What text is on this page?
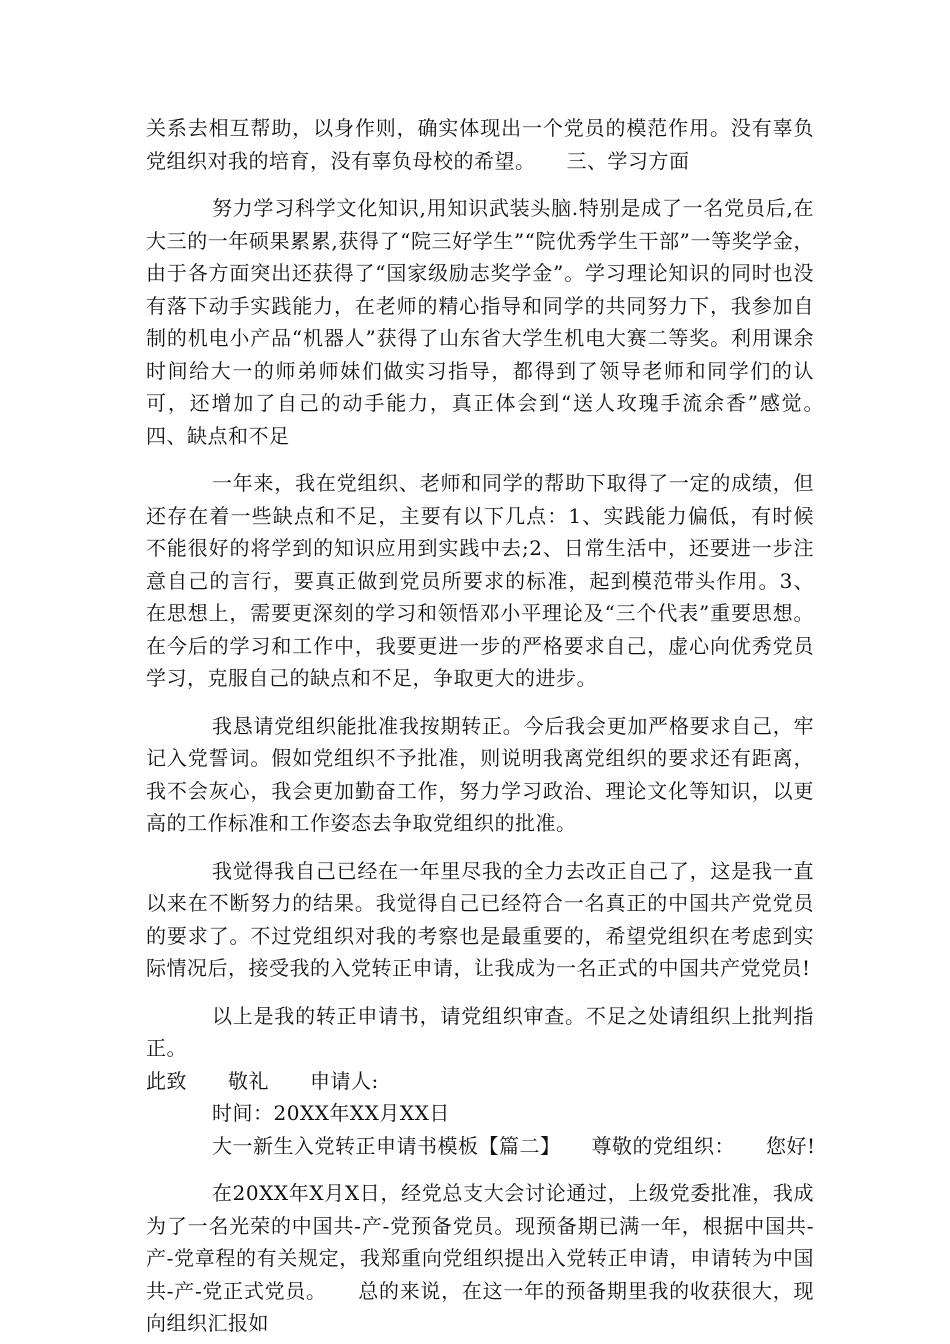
关系去相互帮助，以身作则，确实体现出一个党员的模范作用。没有辜负党组织对我的培育，没有辜负母校的希望。　　三、学习方面

努力学习科学文化知识,用知识武装头脑.特别是成了一名党员后,在大三的一年硕果累累,获得了“院三好学生”“院优秀学生干部”一等奖学金，由于各方面突出还获得了“国家级励志奖学金”。学习理论知识的同时也没有落下动手实践能力，在老师的精心指导和同学的共同努力下，我参加自制的机电小产品“机器人”获得了山东省大学生机电大赛二等奖。利用课余时间给大一的师弟师妹们做实习指导，都得到了领导老师和同学们的认可，还增加了自己的动手能力，真正体会到“送人玫瑰手流余香”感觉。　　四、缺点和不足

一年来，我在党组织、老师和同学的帮助下取得了一定的成绩，但还存在着一些缺点和不足，主要有以下几点：1、实践能力偏低，有时候不能很好的将学到的知识应用到实践中去;2、日常生活中，还要进一步注意自己的言行，要真正做到党员所要求的标准，起到模范带头作用。3、在思想上，需要更深刻的学习和领悟邓小平理论及“三个代表”重要思想。在今后的学习和工作中，我要更进一步的严格要求自己，虚心向优秀党员学习，克服自己的缺点和不足，争取更大的进步。

我恳请党组织能批准我按期转正。今后我会更加严格要求自己，牢记入党誓词。假如党组织不予批准，则说明我离党组织的要求还有距离，我不会灰心，我会更加勤奋工作，努力学习政治、理论文化等知识，以更高的工作标准和工作姿态去争取党组织的批准。

我觉得我自己已经在一年里尽我的全力去改正自己了，这是我一直以来在不断努力的结果。我觉得自己已经符合一名真正的中国共产党党员的要求了。不过党组织对我的考察也是最重要的，希望党组织在考虑到实际情况后，接受我的入党转正申请，让我成为一名正式的中国共产党党员!

以上是我的转正申请书，请党组织审查。不足之处请组织上批判指正。

此致　　敬礼　　申请人:

时间：20XX年XX月XX日

大一新生入党转正申请书模板【篇二】　　尊敬的党组织：　　您好!

在20XX年X月X日，经党总支大会讨论通过，上级党委批准，我成为了一名光荣的中国共-产-党预备党员。现预备期已满一年，根据中国共-产-党章程的有关规定，我郑重向党组织提出入党转正申请，申请转为中国共-产-党正式党员。　　总的来说，在这一年的预备期里我的收获很大，现向组织汇报如
